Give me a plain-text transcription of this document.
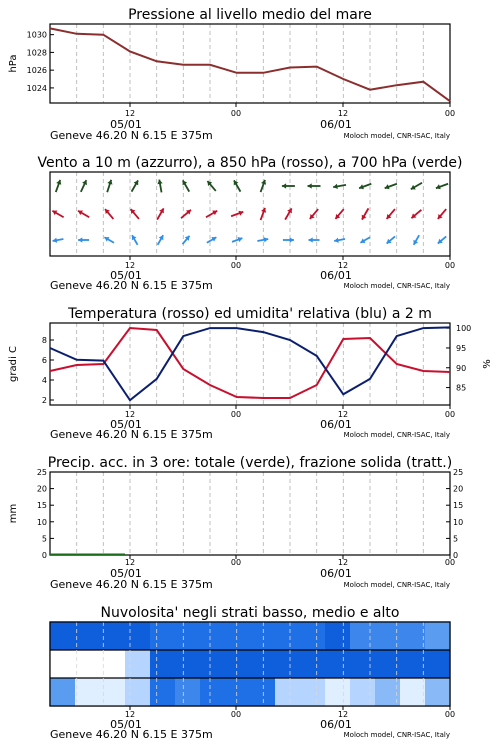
Pressione al livello medio del mare
12	00	12	00
05/01	06/01
Geneve 46.20 N 6.15 E 375m	Moloch model, CNR-ISAC, Italy
1024
1026
1028
1030
hPa
Vento a 10 m (azzurro), a 850 hPa (rosso), a 700 hPa (verde)
12	00	12	00
05/01	06/01
Geneve 46.20 N 6.15 E 375m	Moloch model, CNR-ISAC, Italy
Temperatura (rosso) ed umidita' relativa (blu) a 2 m
12	00	12	00
05/01	06/01
Geneve 46.20 N 6.15 E 375m	Moloch model, CNR-ISAC, Italy
2
4
6
8
85
90
95
100
gradi C	%
Precip. acc. in 3 ore: totale (verde), frazione solida (tratt.)
12	00	12	00
05/01	06/01
Geneve 46.20 N 6.15 E 375m	Moloch model, CNR-ISAC, Italy
0
5
10
15
20
25
0
5
10
15
20
25
mm
Nuvolosita' negli strati basso, medio e alto
12	00	12	00
05/01	06/01
Geneve 46.20 N 6.15 E 375m	Moloch model, CNR-ISAC, Italy
